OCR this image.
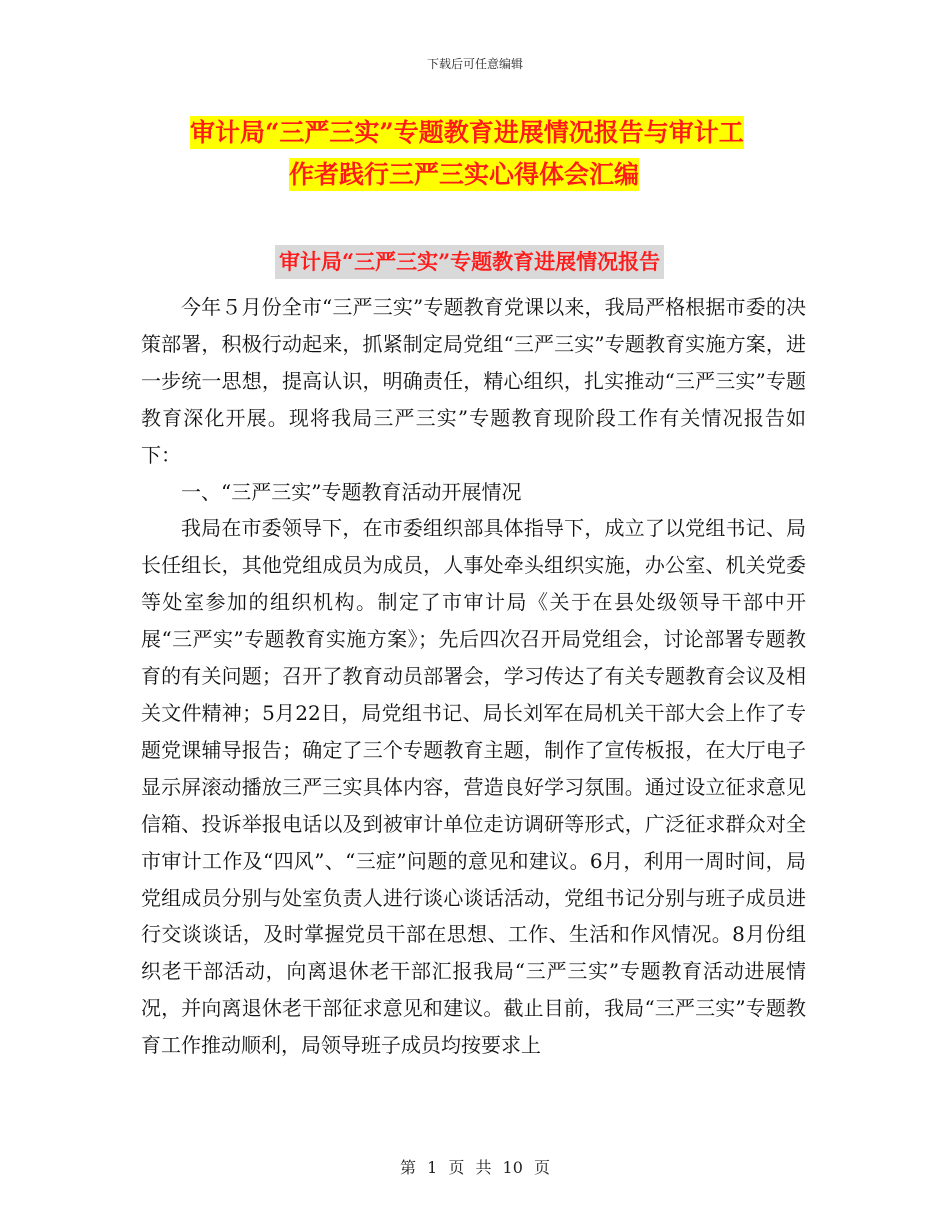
下载后可任意编辑
审计局“三严三实”专题教育进展情况报告与审计工
作者践行三严三实心得体会汇编
审计局“三严三实”专题教育进展情况报告

今年５月份全市“三严三实”专题教育党课以来，我局严格根据市委的决策部署，积极行动起来，抓紧制定局党组“三严三实”专题教育实施方案，进一步统一思想，提高认识，明确责任，精心组织，扎实推动“三严三实”专题教育深化开展。现将我局三严三实”专题教育现阶段工作有关情况报告如下：

一、“三严三实”专题教育活动开展情况

我局在市委领导下，在市委组织部具体指导下，成立了以党组书记、局长任组长，其他党组成员为成员，人事处牵头组织实施，办公室、机关党委等处室参加的组织机构。制定了市审计局《关于在县处级领导干部中开展“三严实”专题教育实施方案》；先后四次召开局党组会，讨论部署专题教育的有关问题；召开了教育动员部署会，学习传达了有关专题教育会议及相关文件精神；5月22日，局党组书记、局长刘军在局机关干部大会上作了专题党课辅导报告；确定了三个专题教育主题，制作了宣传板报，在大厅电子显示屏滚动播放三严三实具体内容，营造良好学习氛围。通过设立征求意见信箱、投诉举报电话以及到被审计单位走访调研等形式，广泛征求群众对全市审计工作及“四风”、“三症”问题的意见和建议。6月，利用一周时间，局党组成员分别与处室负责人进行谈心谈话活动，党组书记分别与班子成员进行交谈谈话，及时掌握党员干部在思想、工作、生活和作风情况。8月份组织老干部活动，向离退休老干部汇报我局“三严三实”专题教育活动进展情况，并向离退休老干部征求意见和建议。截止目前，我局“三严三实”专题教育工作推动顺利，局领导班子成员均按要求上

第 1 页 共 10 页
